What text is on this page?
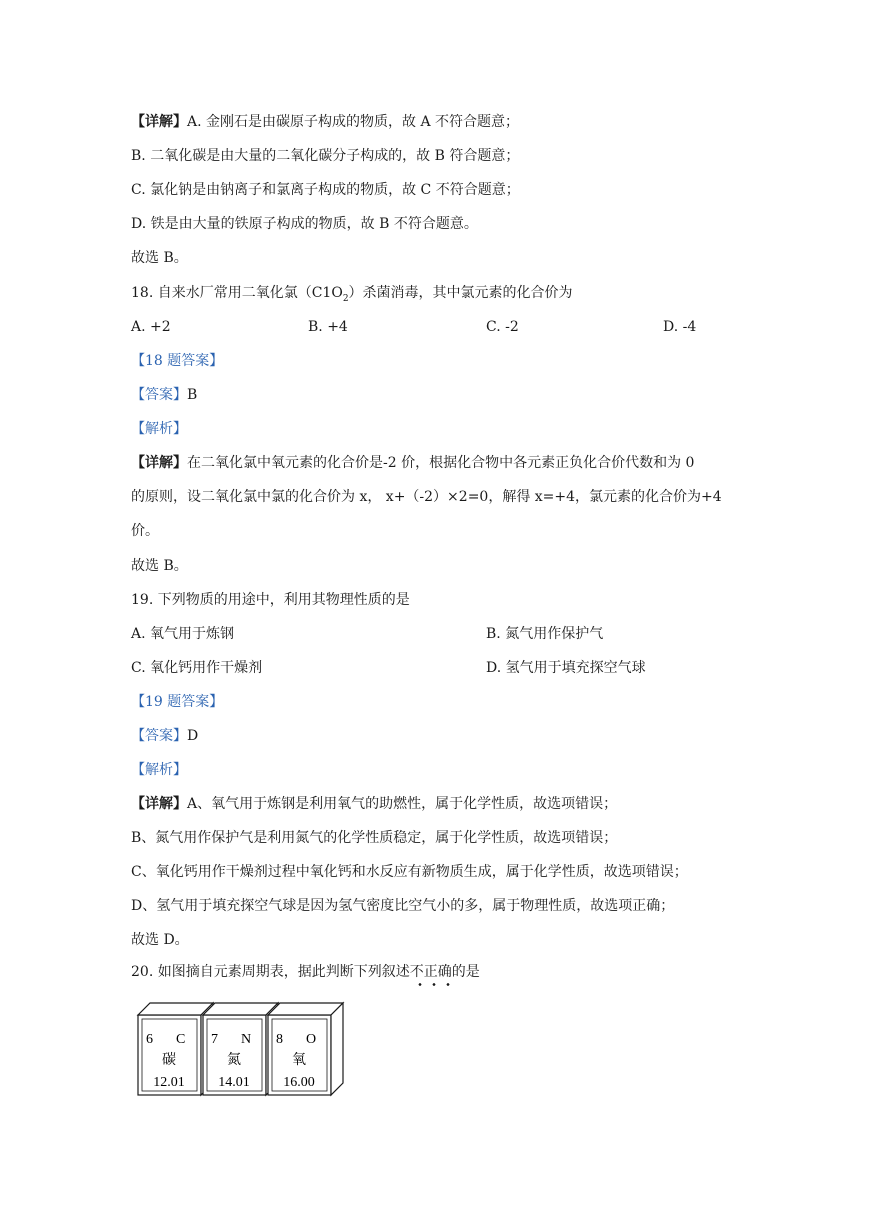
【详解】A. 金刚石是由碳原子构成的物质，故 A 不符合题意；
B. 二氧化碳是由大量的二氧化碳分子构成的，故 B 符合题意；
C. 氯化钠是由钠离子和氯离子构成的物质，故 C 不符合题意；
D. 铁是由大量的铁原子构成的物质，故 B 不符合题意。
故选 B。
18. 自来水厂常用二氧化氯$(C1O_2)$杀菌消毒，其中氯元素的化合价为
A. +2	B. +4	C. -2	D. -4
【18 题答案】
【答案】B
【解析】
【详解】在二氧化氯中氧元素的化合价是-2 价，根据化合物中各元素正负化合价代数和为 0
的原则，设二氧化氯中氯的化合价为 x， x+（-2）×2=0，解得 x=+4，氯元素的化合价为+4
价。
故选 B。
19. 下列物质的用途中，利用其物理性质的是
A. 氧气用于炼钢	B. 氮气用作保护气
C. 氧化钙用作干燥剂	D. 氢气用于填充探空气球
【19 题答案】
【答案】D
【解析】
【详解】A、氧气用于炼钢是利用氧气的助燃性，属于化学性质，故选项错误；
B、氮气用作保护气是利用氮气的化学性质稳定，属于化学性质，故选项错误；
C、氧化钙用作干燥剂过程中氧化钙和水反应有新物质生成，属于化学性质，故选项错误；
D、氢气用于填充探空气球是因为氢气密度比空气小的多，属于物理性质，故选项正确；
故选 D。
20. 如图摘自元素周期表，据此判断下列叙述不正确的是
6 C
碳
12.01
7 N
氮
14.01
8 O
氧
16.00
